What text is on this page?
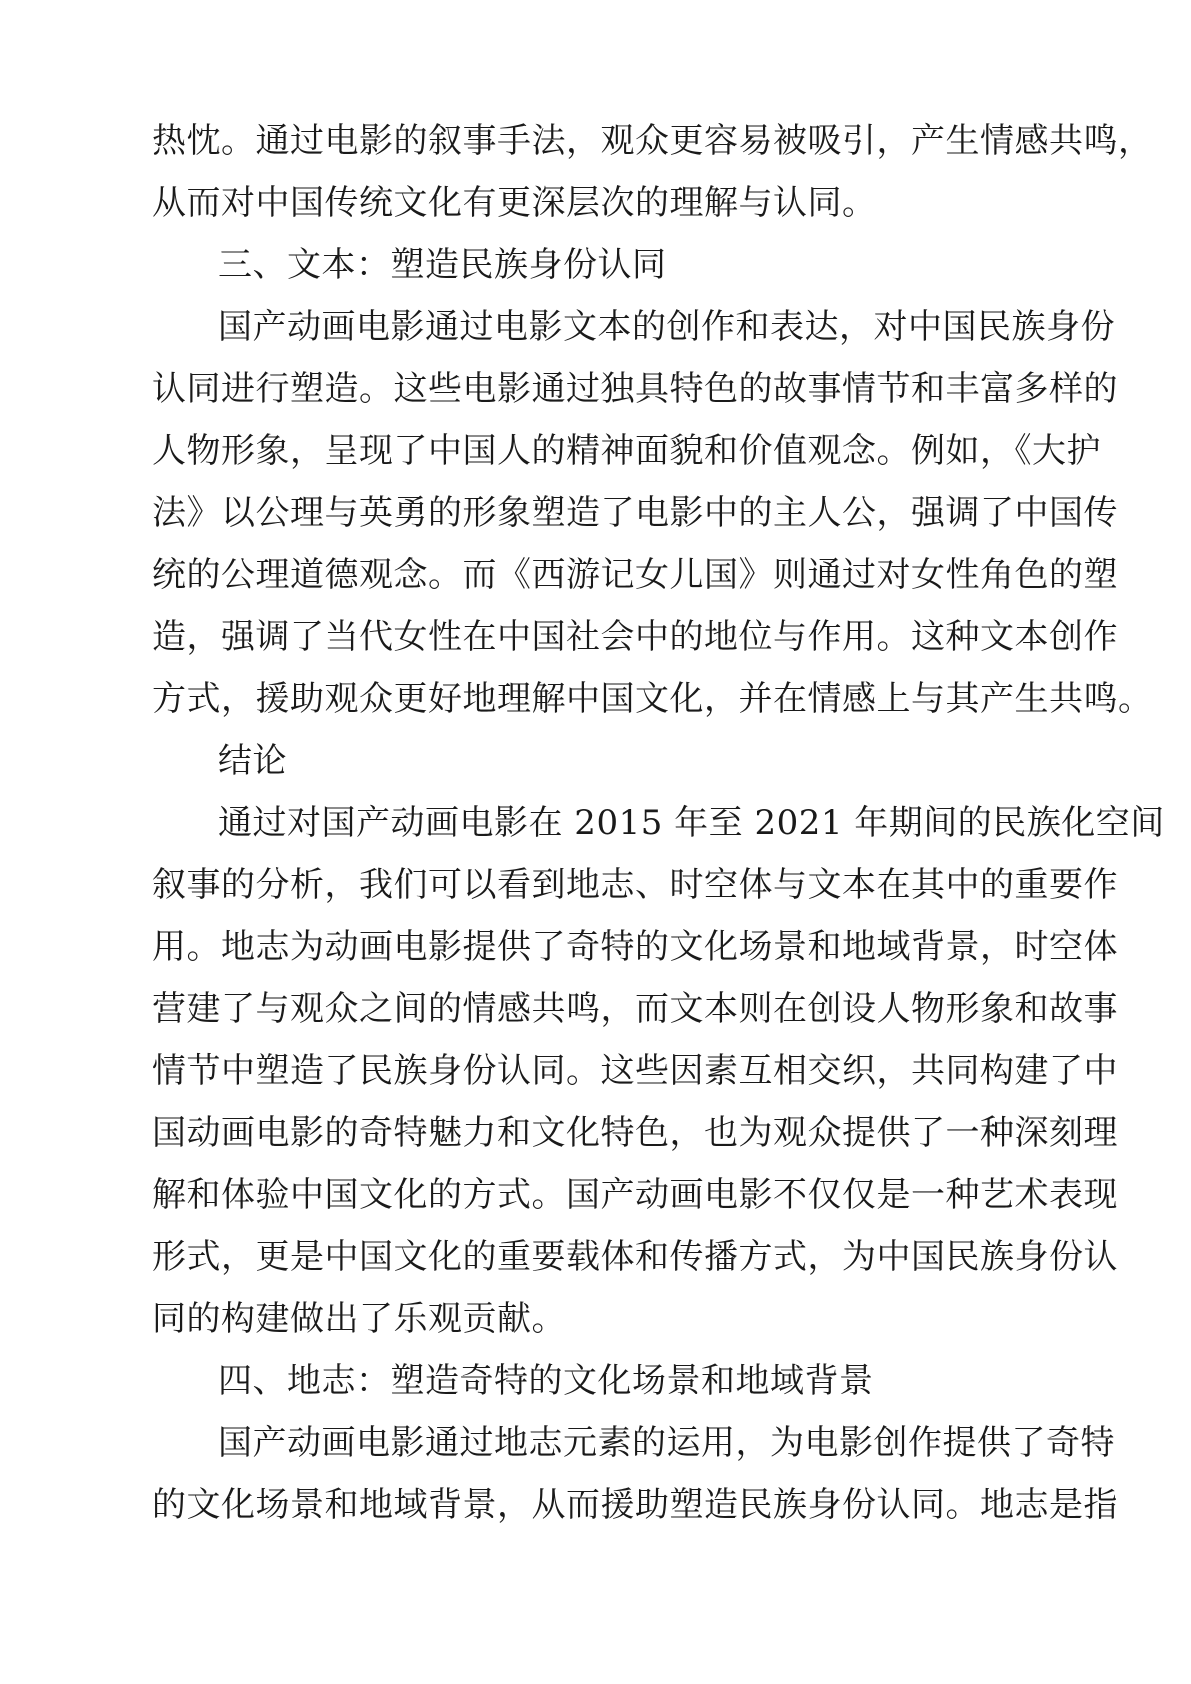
热忱。通过电影的叙事手法，观众更容易被吸引，产生情感共鸣，
从而对中国传统文化有更深层次的理解与认同。
三、文本：塑造民族身份认同
国产动画电影通过电影文本的创作和表达，对中国民族身份
认同进行塑造。这些电影通过独具特色的故事情节和丰富多样的
人物形象，呈现了中国人的精神面貌和价值观念。例如，《大护
法》以公理与英勇的形象塑造了电影中的主人公，强调了中国传
统的公理道德观念。而《西游记女儿国》则通过对女性角色的塑
造，强调了当代女性在中国社会中的地位与作用。这种文本创作
方式，援助观众更好地理解中国文化，并在情感上与其产生共鸣。
结论
通过对国产动画电影在 2015 年至 2021 年期间的民族化空间
叙事的分析，我们可以看到地志、时空体与文本在其中的重要作
用。地志为动画电影提供了奇特的文化场景和地域背景，时空体
营建了与观众之间的情感共鸣，而文本则在创设人物形象和故事
情节中塑造了民族身份认同。这些因素互相交织，共同构建了中
国动画电影的奇特魅力和文化特色，也为观众提供了一种深刻理
解和体验中国文化的方式。国产动画电影不仅仅是一种艺术表现
形式，更是中国文化的重要载体和传播方式，为中国民族身份认
同的构建做出了乐观贡献。
四、地志：塑造奇特的文化场景和地域背景
国产动画电影通过地志元素的运用，为电影创作提供了奇特
的文化场景和地域背景，从而援助塑造民族身份认同。地志是指
